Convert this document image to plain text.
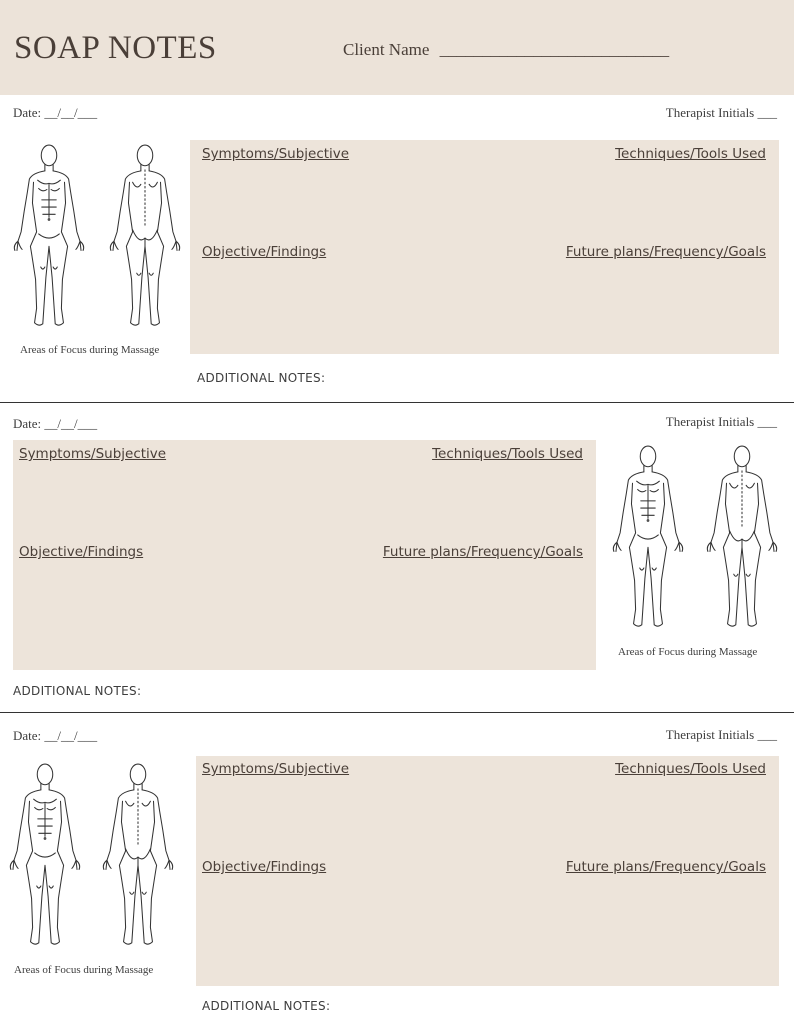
SOAP NOTES	Client Name ___________________________
Date: __/__/___	Therapist Initials ___
Areas of Focus during Massage
Symptoms/Subjective	Techniques/Tools Used
Objective/Findings	Future plans/Frequency/Goals
ADDITIONAL NOTES:
Date: __/__/___	Therapist Initials ___
Symptoms/Subjective	Techniques/Tools Used
Objective/Findings	Future plans/Frequency/Goals
Areas of Focus during Massage
ADDITIONAL NOTES:
Date: __/__/___	Therapist Initials ___
Areas of Focus during Massage
Symptoms/Subjective	Techniques/Tools Used
Objective/Findings	Future plans/Frequency/Goals
ADDITIONAL NOTES:
